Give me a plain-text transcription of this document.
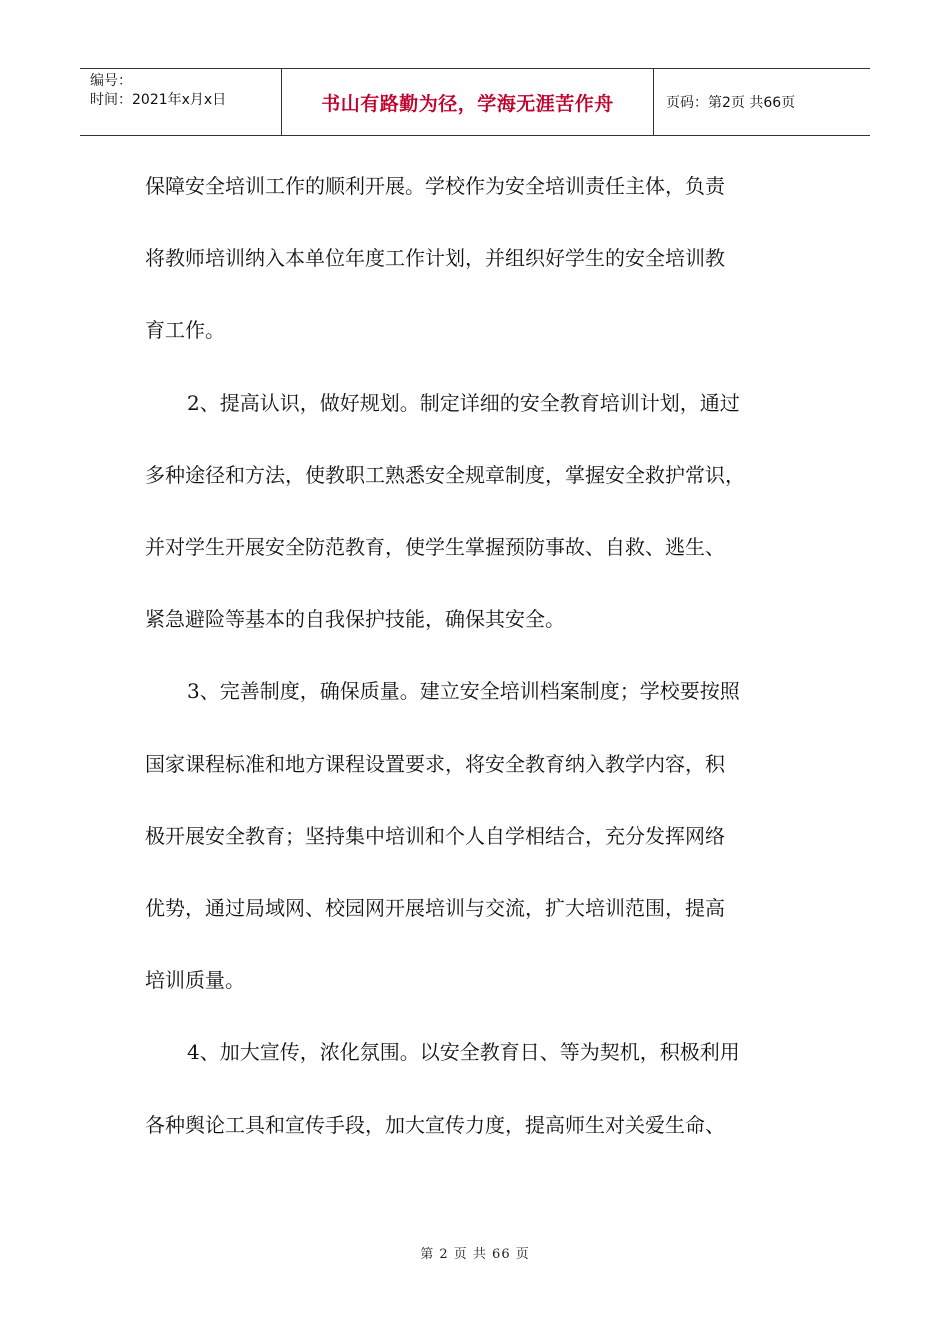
编号：
时间：2021年x月x日	书山有路勤为径，学海无涯苦作舟	页码：第2页 共66页

保障安全培训工作的顺利开展。学校作为安全培训责任主体，负责

将教师培训纳入本单位年度工作计划，并组织好学生的安全培训教

育工作。

2、提高认识，做好规划。制定详细的安全教育培训计划，通过

多种途径和方法，使教职工熟悉安全规章制度，掌握安全救护常识，

并对学生开展安全防范教育，使学生掌握预防事故、自救、逃生、

紧急避险等基本的自我保护技能，确保其安全。

3、完善制度，确保质量。建立安全培训档案制度；学校要按照

国家课程标准和地方课程设置要求，将安全教育纳入教学内容，积

极开展安全教育；坚持集中培训和个人自学相结合，充分发挥网络

优势，通过局域网、校园网开展培训与交流，扩大培训范围，提高

培训质量。

4、加大宣传，浓化氛围。以安全教育日、等为契机，积极利用

各种舆论工具和宣传手段，加大宣传力度，提高师生对关爱生命、

第 2 页 共 66 页
